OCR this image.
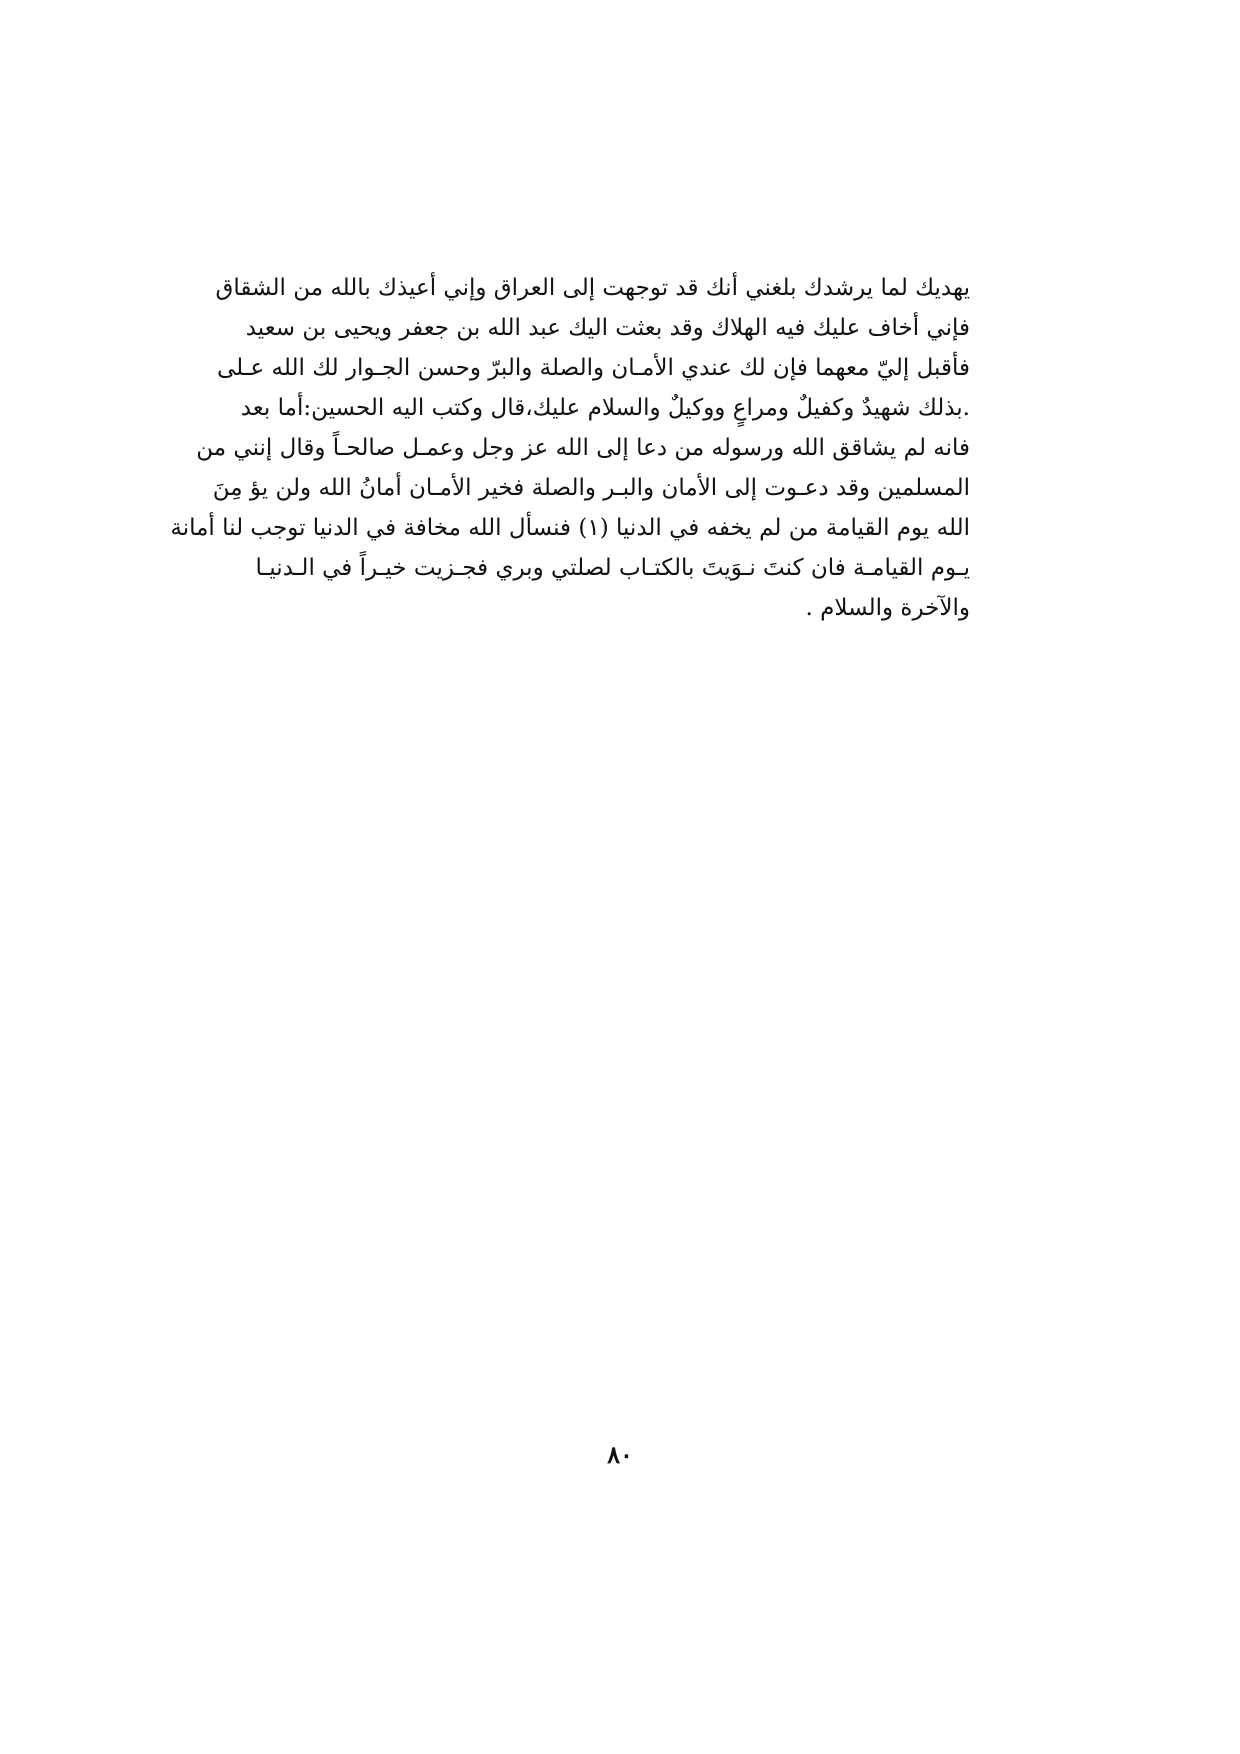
يهديك لما يرشدك بلغني أنك قد توجهت إلى العراق وإني أعيذك بالله من الشقاق
فإني أخاف عليك فيه الهلاك وقد بعثت اليك عبد الله بن جعفر ويحيى بن سعيد
فأقبل إليّ معهما فإن لك عندي الأمـان والصلة والبرّ وحسن الجـوار لك الله عـلى
.بذلك شهيدٌ وكفيلٌ ومراعٍ ووكيلٌ والسلام عليك،قال وكتب اليه الحسين:أما بعد
فانه لم يشاقق الله ورسوله من دعا إلى الله عز وجل وعمـل صالحـاً وقال إنني من
المسلمين وقد دعـوت إلى الأمان والبـر والصلة فخير الأمـان أمانُ الله ولن يؤ مِنَ
الله يوم القيامة من لم يخفه في الدنيا (١) فنسأل الله مخافة في الدنيا توجب لنا أمانة
يـوم القيامـة فان كنتَ نـوَيتَ بالكتـاب لصلتي وبري فجـزيت خيـراً في الـدنيـا
والآخرة والسلام .
٨٠
